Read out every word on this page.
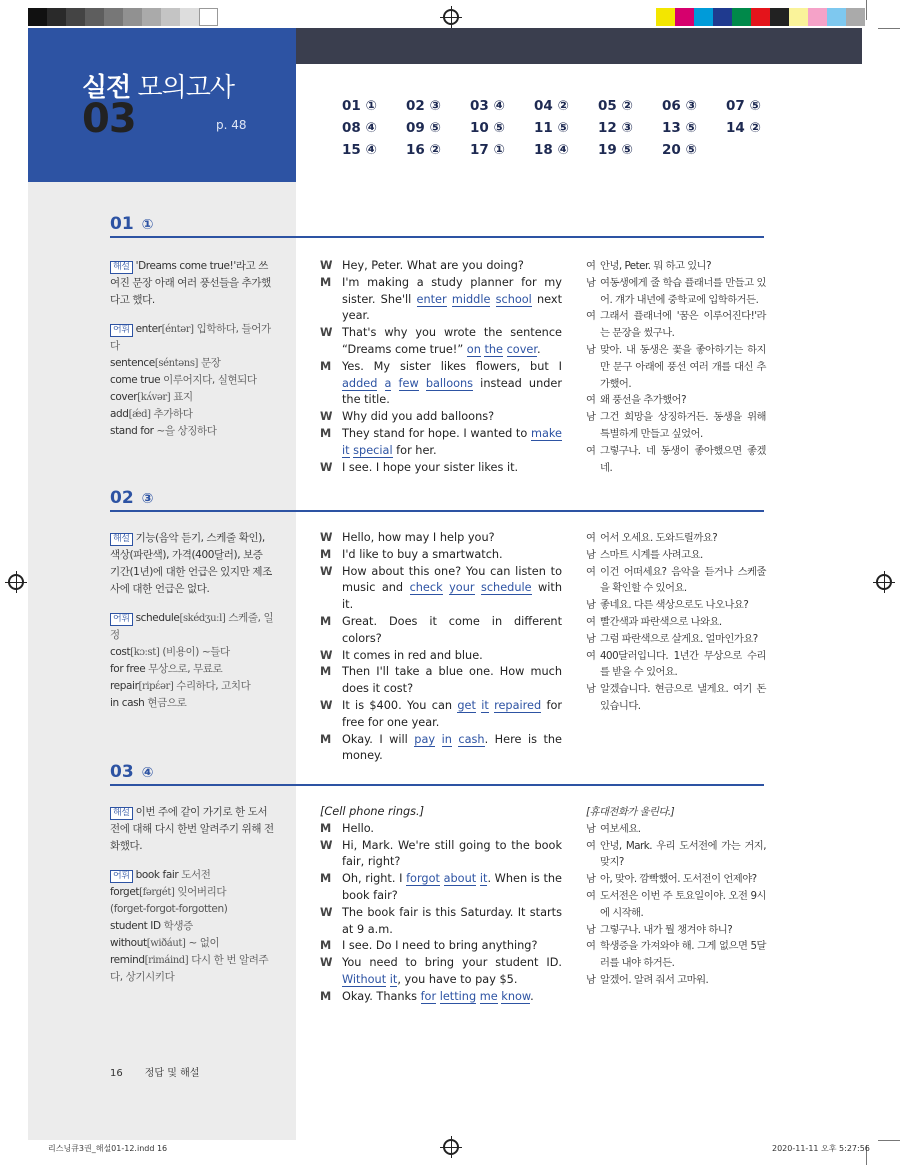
실전 모의고사
03	p. 48
01 ①	02 ③	03 ④	04 ②	05 ②	06 ③	07 ⑤
08 ④	09 ⑤	10 ⑤	11 ⑤	12 ③	13 ⑤	14 ②
15 ④	16 ②	17 ①	18 ④	19 ⑤	20 ⑤
01 ①
해설 'Dreams come true!'라고 쓰여진 문장 아래 여러 풍선들을 추가했다고 했다.
어휘 enter[éntər] 입학하다, 들어가다
sentence[séntəns] 문장
come true 이루어지다, 실현되다
cover[kʌ́vər] 표지
add[ǽd] 추가하다
stand for ~을 상징하다
W Hey, Peter. What are you doing?
M I'm making a study planner for my sister. She'll enter middle school next year.
W That's why you wrote the sentence “Dreams come true!” on the cover.
M Yes. My sister likes flowers, but I added a few balloons instead under the title.
W Why did you add balloons?
M They stand for hope. I wanted to make it special for her.
W I see. I hope your sister likes it.
여 안녕, Peter. 뭐 하고 있니?
남 여동생에게 줄 학습 플래너를 만들고 있어. 걔가 내년에 중학교에 입학하거든.
여 그래서 플래너에 '꿈은 이루어진다!'라는 문장을 썼구나.
남 맞아. 내 동생은 꽃을 좋아하기는 하지만 문구 아래에 풍선 여러 개를 대신 추가했어.
여 왜 풍선을 추가했어?
남 그건 희망을 상징하거든. 동생을 위해 특별하게 만들고 싶었어.
여 그렇구나. 네 동생이 좋아했으면 좋겠네.
02 ③
해설 기능(음악 듣기, 스케줄 확인), 색상(파란색), 가격(400달러), 보증 기간(1년)에 대한 언급은 있지만 제조사에 대한 언급은 없다.
어휘 schedule[skédʒuːl] 스케줄, 일정
cost[kɔːst] (비용이) ~들다
for free 무상으로, 무료로
repair[ripέər] 수리하다, 고치다
in cash 현금으로
W Hello, how may I help you?
M I'd like to buy a smartwatch.
W How about this one? You can listen to music and check your schedule with it.
M Great. Does it come in different colors?
W It comes in red and blue.
M Then I'll take a blue one. How much does it cost?
W It is $400. You can get it repaired for free for one year.
M Okay. I will pay in cash. Here is the money.
여 어서 오세요. 도와드릴까요?
남 스마트 시계를 사려고요.
여 이건 어떠세요? 음악을 듣거나 스케줄을 확인할 수 있어요.
남 좋네요. 다른 색상으로도 나오나요?
여 빨간색과 파란색으로 나와요.
남 그럼 파란색으로 살게요. 얼마인가요?
여 400달러입니다. 1년간 무상으로 수리를 받을 수 있어요.
남 알겠습니다. 현금으로 낼게요. 여기 돈 있습니다.
03 ④
해설 이번 주에 같이 가기로 한 도서전에 대해 다시 한번 알려주기 위해 전화했다.
어휘 book fair 도서전
forget[fərgét] 잊어버리다
(forget-forgot-forgotten)
student ID 학생증
without[wiðáut] ~ 없이
remind[rimáind] 다시 한 번 알려주다, 상기시키다
[Cell phone rings.]
M Hello.
W Hi, Mark. We're still going to the book fair, right?
M Oh, right. I forgot about it. When is the book fair?
W The book fair is this Saturday. It starts at 9 a.m.
M I see. Do I need to bring anything?
W You need to bring your student ID. Without it, you have to pay $5.
M Okay. Thanks for letting me know.
[휴대전화가 울린다.]
남 여보세요.
여 안녕, Mark. 우리 도서전에 가는 거지, 맞지?
남 아, 맞아. 깜빡했어. 도서전이 언제야?
여 도서전은 이번 주 토요일이야. 오전 9시에 시작해.
남 그렇구나. 내가 뭘 챙겨야 하니?
여 학생증을 가져와야 해. 그게 없으면 5달러를 내야 하거든.
남 알겠어. 알려 줘서 고마워.
16 정답 및 해설
리스닝큐3권_해설01-12.indd 16	2020-11-11 오후 5:27:56
